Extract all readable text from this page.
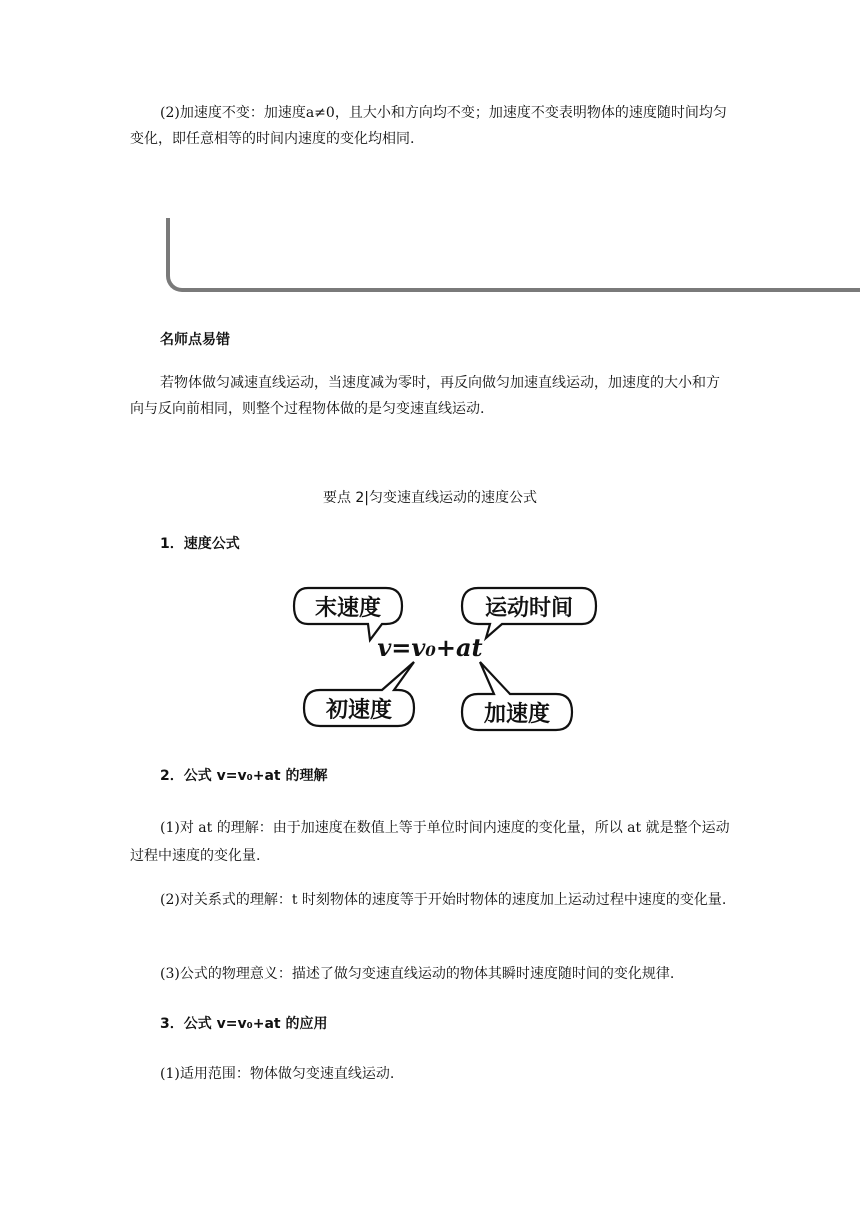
(2)加速度不变：加速度a≠0，且大小和方向均不变；加速度不变表明物体的速度随时间均匀变化，即任意相等的时间内速度的变化均相同.

名师点易错

若物体做匀减速直线运动，当速度减为零时，再反向做匀加速直线运动，加速度的大小和方向与反向前相同，则整个过程物体做的是匀变速直线运动.

要点 2|匀变速直线运动的速度公式
1．速度公式
末速度	运动时间
初速度	加速度
v=v₀+at
2．公式 v=v₀+at 的理解

(1)对 at 的理解：由于加速度在数值上等于单位时间内速度的变化量，所以 at 就是整个运动过程中速度的变化量.

(2)对关系式的理解：t 时刻物体的速度等于开始时物体的速度加上运动过程中速度的变化量.

(3)公式的物理意义：描述了做匀变速直线运动的物体其瞬时速度随时间的变化规律.

3．公式 v=v₀+at 的应用

(1)适用范围：物体做匀变速直线运动.
